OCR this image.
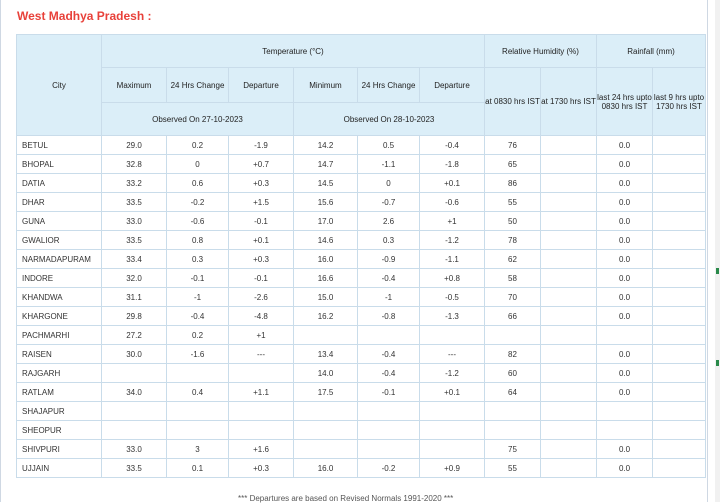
West Madhya Pradesh :
City	Temperature (°C)						Relative Humidity (%)		Rainfall (mm)	
	Maximum	24 Hrs Change	Departure	Minimum	24 Hrs Change	Departure	at 0830 hrs IST	at 1730 hrs IST	last 24 hrs upto 0830 hrs IST	last 9 hrs upto 1730 hrs IST
	Observed On 27-10-2023			Observed On 28-10-2023						
BETUL	29.0	0.2	-1.9	14.2	0.5	-0.4	76		0.0	
BHOPAL	32.8	0	+0.7	14.7	-1.1	-1.8	65		0.0	
DATIA	33.2	0.6	+0.3	14.5	0	+0.1	86		0.0	
DHAR	33.5	-0.2	+1.5	15.6	-0.7	-0.6	55		0.0	
GUNA	33.0	-0.6	-0.1	17.0	2.6	+1	50		0.0	
GWALIOR	33.5	0.8	+0.1	14.6	0.3	-1.2	78		0.0	
NARMADAPURAM	33.4	0.3	+0.3	16.0	-0.9	-1.1	62		0.0	
INDORE	32.0	-0.1	-0.1	16.6	-0.4	+0.8	58		0.0	
KHANDWA	31.1	-1	-2.6	15.0	-1	-0.5	70		0.0	
KHARGONE	29.8	-0.4	-4.8	16.2	-0.8	-1.3	66		0.0	
PACHMARHI	27.2	0.2	+1							
RAISEN	30.0	-1.6	---	13.4	-0.4	---	82		0.0	
RAJGARH				14.0	-0.4	-1.2	60		0.0	
RATLAM	34.0	0.4	+1.1	17.5	-0.1	+0.1	64		0.0	
SHAJAPUR										
SHEOPUR										
SHIVPURI	33.0	3	+1.6				75		0.0	
UJJAIN	33.5	0.1	+0.3	16.0	-0.2	+0.9	55		0.0	
*** Departures are based on Revised Normals 1991-2020 ***
